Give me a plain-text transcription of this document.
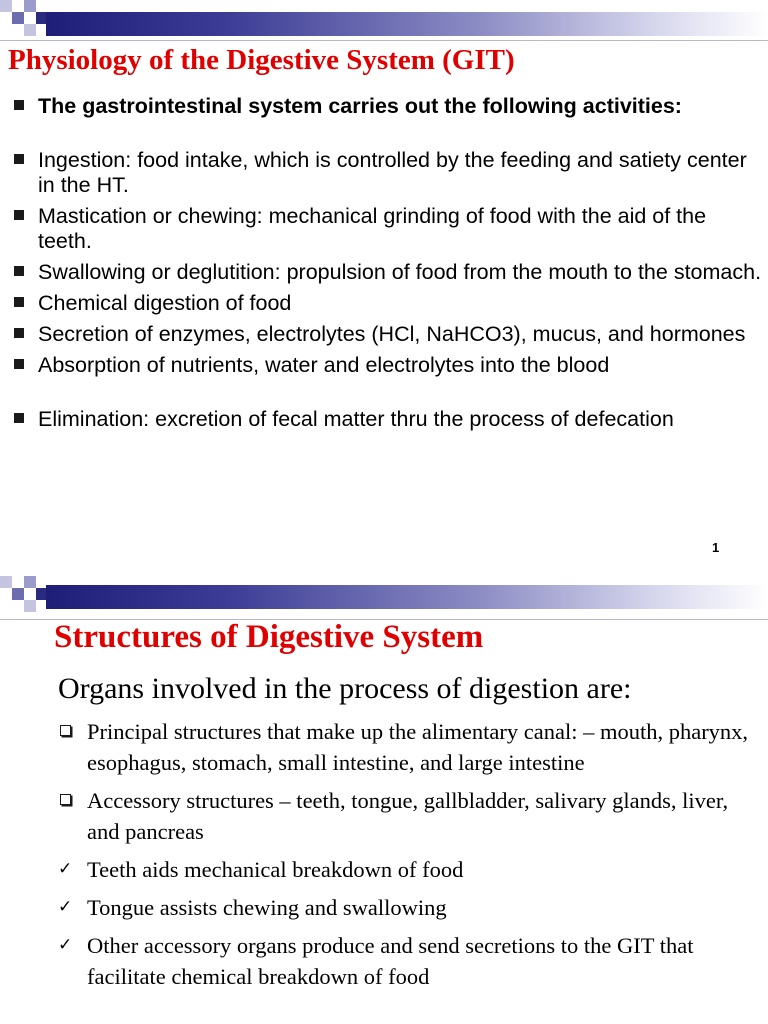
Physiology of the Digestive System (GIT)
The gastrointestinal system carries out the following activities:
Ingestion: food intake, which is controlled by the feeding and satiety center in the HT.
Mastication or chewing: mechanical grinding of food with the aid of the teeth.
Swallowing or deglutition: propulsion of food from the mouth to the stomach.
Chemical digestion of food
Secretion of enzymes, electrolytes (HCl, NaHCO3), mucus, and hormones
Absorption of nutrients, water and electrolytes into the blood
Elimination: excretion of fecal matter thru the process of defecation
1
Structures of Digestive System

Organs involved in the process of digestion are:

Principal structures that make up the alimentary canal: – mouth, pharynx, esophagus, stomach, small intestine, and large intestine
Accessory structures – teeth, tongue, gallbladder, salivary glands, liver, and pancreas
✓ Teeth aids mechanical breakdown of food
✓ Tongue assists chewing and swallowing
✓ Other accessory organs produce and send secretions to the GIT that facilitate chemical breakdown of food
